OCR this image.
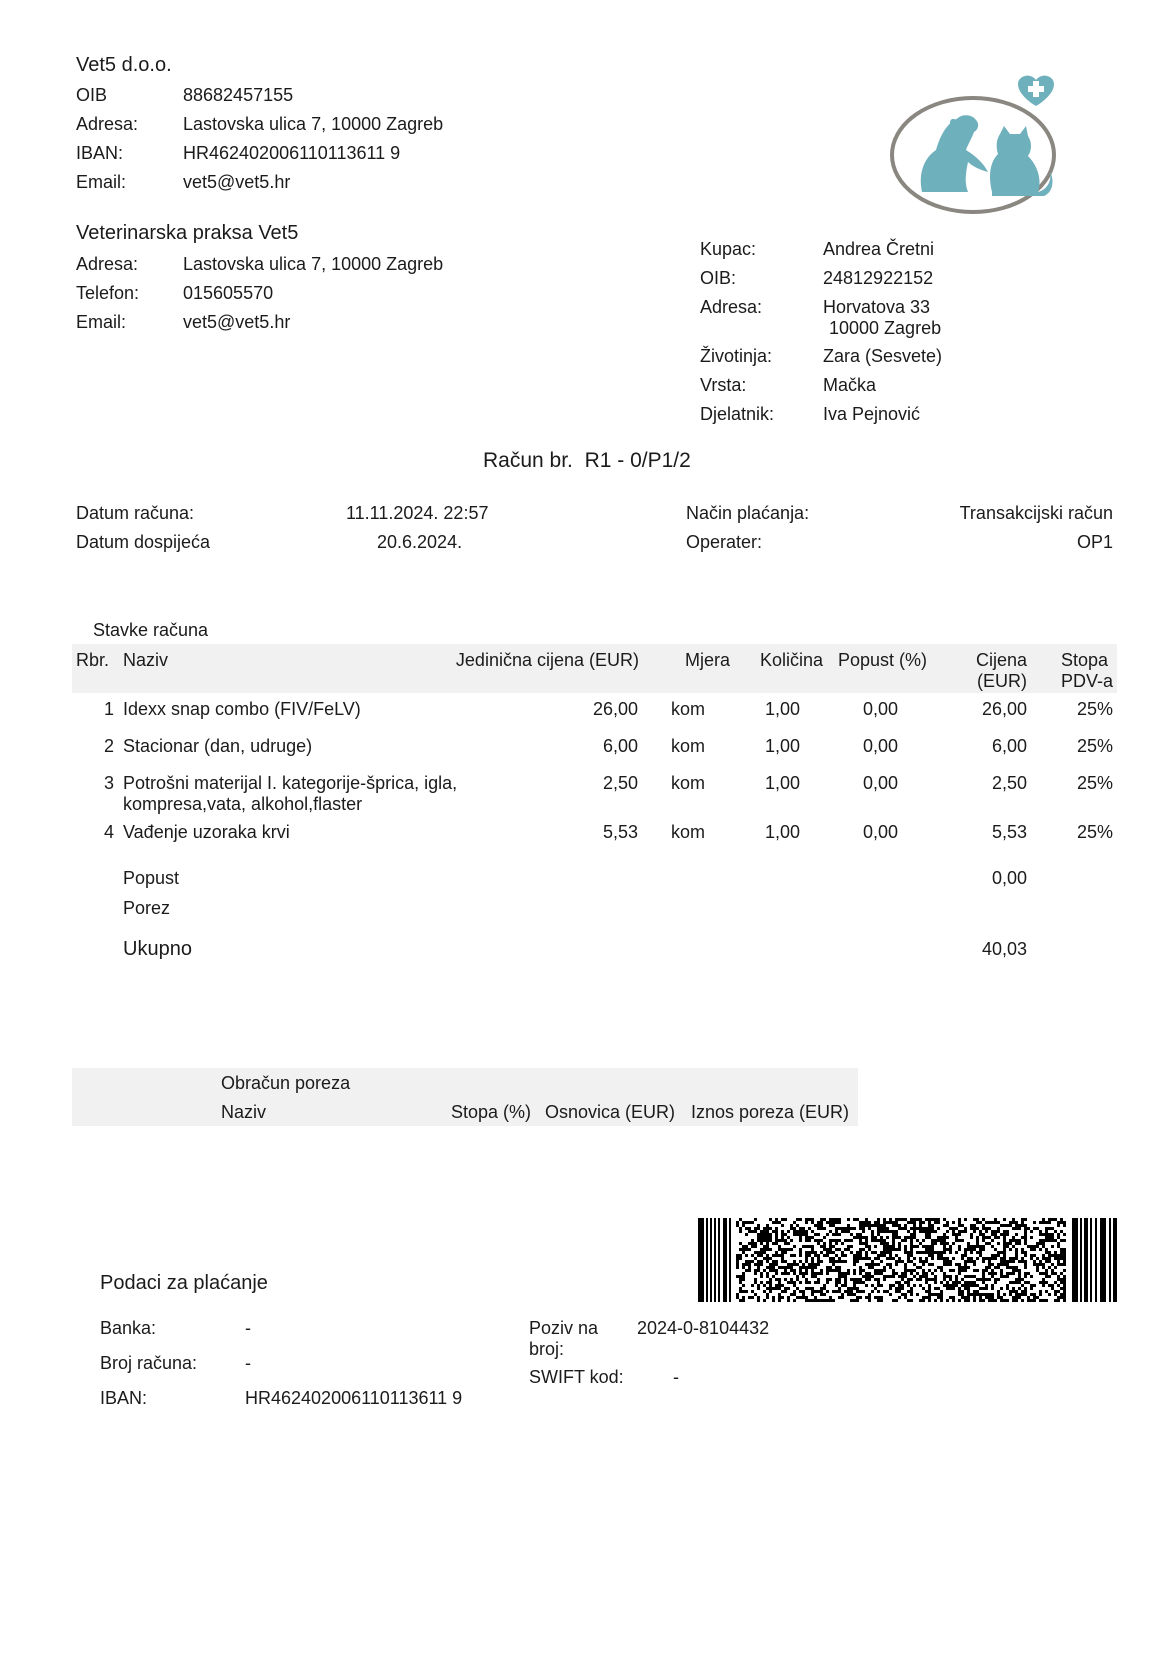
Vet5 d.o.o.
OIB	88682457155
Adresa: Lastovska ulica 7, 10000 Zagreb
IBAN:	HR462402006110113611 9
Email:	vet5@vet5.hr
Veterinarska praksa Vet5
Adresa: Lastovska ulica 7, 10000 Zagreb
Telefon: 015605570
Email:	vet5@vet5.hr
Kupac:	Andrea Čretni
OIB:	24812922152
Adresa:	Horvatova 33
10000 Zagreb
Životinja:	Zara (Sesvete)
Vrsta:	Mačka
Djelatnik:	Iva Pejnović
Račun br. R1 - 0/P1/2
Datum računa:	11.11.2024. 22:57
Datum dospijeća	20.6.2024.
Način plaćanja:	Transakcijski račun
Operater:	OP1
Stavke računa
Rbr. Naziv	Jedinična cijena (EUR)	Mjera Količina Popust (%)	Cijena
(EUR)
Stopa
PDV-a
1 Idexx snap combo (FIV/FeLV)	26,00 kom	1,00	0,00	26,00	25%
2 Stacionar (dan, udruge)	6,00 kom	1,00	0,00	6,00	25%
3 Potrošni materijal I. kategorije-šprica, igla,
kompresa,vata, alkohol,flaster
2,50 kom	1,00	0,00	2,50	25%
4 Vađenje uzoraka krvi	5,53 kom	1,00	0,00	5,53	25%
Popust	0,00
Porez
Ukupno	40,03
Obračun poreza
Naziv	Stopa (%) Osnovica (EUR) Iznos poreza (EUR)
Podaci za plaćanje
Banka:	-
Broj računa:	-
IBAN:	HR462402006110113611 9
Poziv na
broj:
2024-0-8104432
SWIFT kod:	-
